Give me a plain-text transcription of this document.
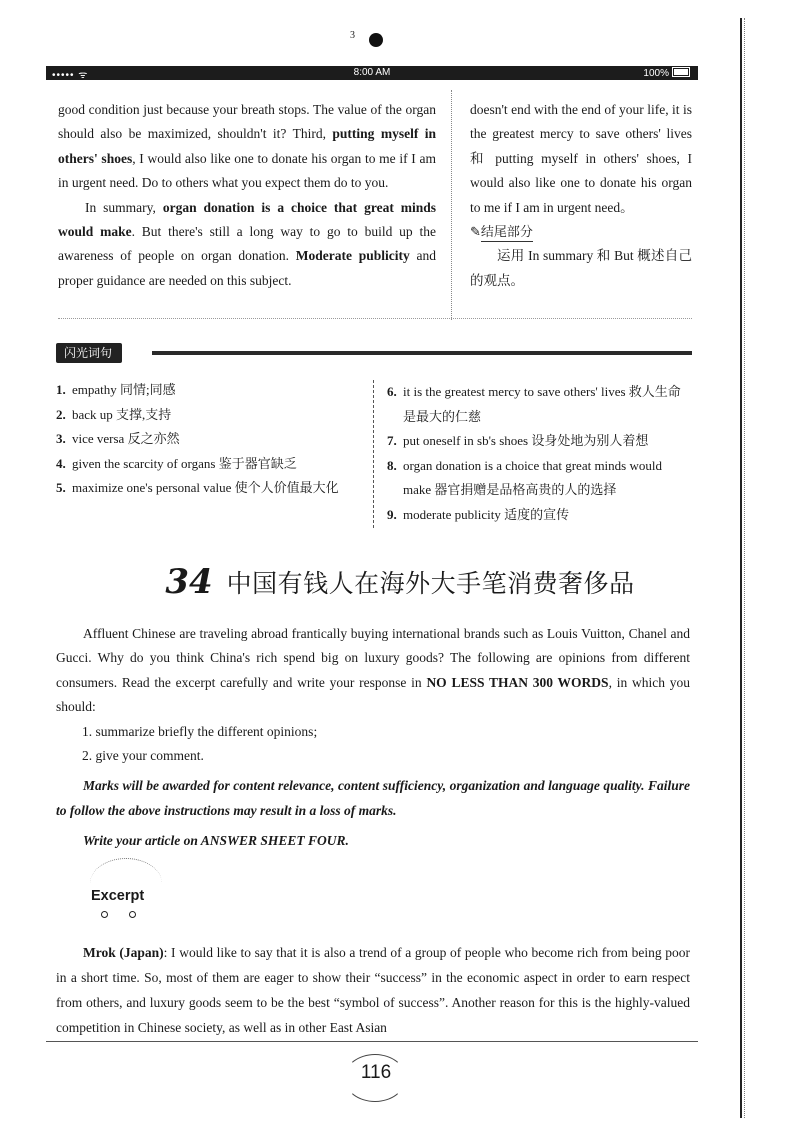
3
••••• ᯤ	8:00 AM	100%

good condition just because your breath stops. The value of the organ should also be maximized, shouldn't it? Third, putting myself in others' shoes, I would also like one to donate his organ to me if I am in urgent need. Do to others what you expect them do to you.

In summary, organ donation is a choice that great minds would make. But there's still a long way to go to build up the awareness of people on organ donation. Moderate publicity and proper guidance are needed on this subject.

doesn't end with the end of your life, it is the greatest mercy to save others' lives 和 putting myself in others' shoes, I would also like one to donate his organ to me if I am in urgent need。

✎结尾部分

运用 In summary 和 But 概述自己的观点。

闪光词句
1. empathy 同情;同感
2. back up 支撑,支持
3. vice versa 反之亦然
4. given the scarcity of organs 鉴于器官缺乏
5. maximize one's personal value 使个人价值最大化
6. it is the greatest mercy to save others' lives 救人生命是最大的仁慈
7. put oneself in sb's shoes 设身处地为别人着想
8. organ donation is a choice that great minds would make 器官捐赠是品格高贵的人的选择
9. moderate publicity 适度的宣传
34 中国有钱人在海外大手笔消费奢侈品

Affluent Chinese are traveling abroad frantically buying international brands such as Louis Vuitton, Chanel and Gucci. Why do you think China's rich spend big on luxury goods? The following are opinions from different consumers. Read the excerpt carefully and write your response in NO LESS THAN 300 WORDS, in which you should:

1. summarize briefly the different opinions;

2. give your comment.

Marks will be awarded for content relevance, content sufficiency, organization and language quality. Failure to follow the above instructions may result in a loss of marks.

Write your article on ANSWER SHEET FOUR.

Excerpt

Mrok (Japan): I would like to say that it is also a trend of a group of people who become rich from being poor in a short time. So, most of them are eager to show their “success” in the economic aspect in order to earn respect from others, and luxury goods seem to be the best “symbol of success”. Another reason for this is the highly-valued competition in Chinese society, as well as in other East Asian

116
